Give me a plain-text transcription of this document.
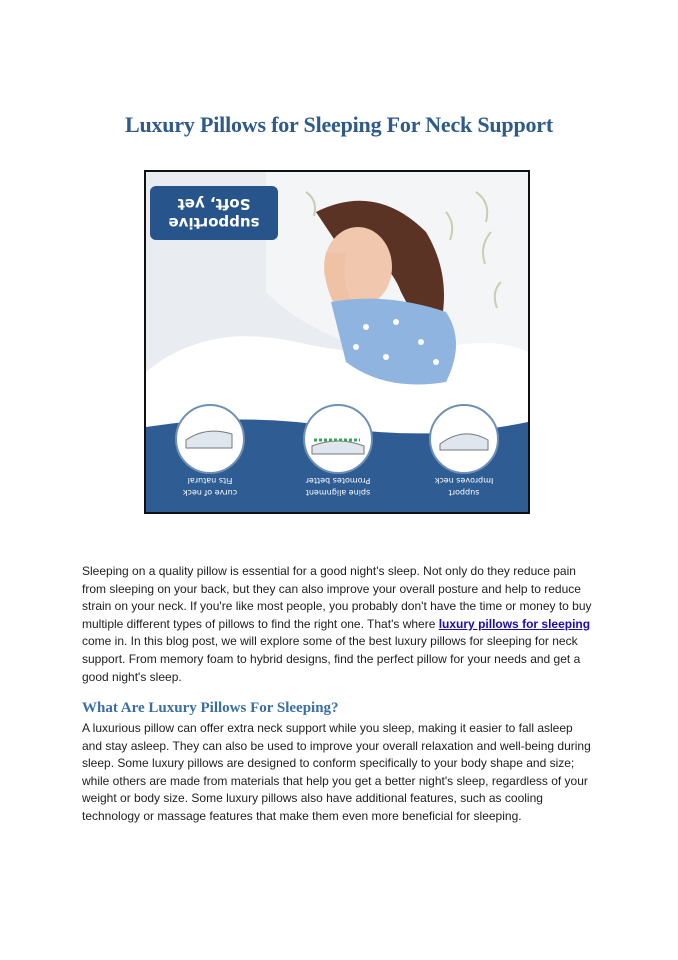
Luxury Pillows for Sleeping For Neck Support
Soft, yet
supportive
Fits natural
curve of neck
Promotes better
spine alignment
Improves neck
support

Sleeping on a quality pillow is essential for a good night's sleep. Not only do they reduce pain from sleeping on your back, but they can also improve your overall posture and help to reduce strain on your neck. If you're like most people, you probably don't have the time or money to buy multiple different types of pillows to find the right one. That's where luxury pillows for sleeping come in. In this blog post, we will explore some of the best luxury pillows for sleeping for neck support. From memory foam to hybrid designs, find the perfect pillow for your needs and get a good night's sleep.

What Are Luxury Pillows For Sleeping?

A luxurious pillow can offer extra neck support while you sleep, making it easier to fall asleep and stay asleep. They can also be used to improve your overall relaxation and well-being during sleep. Some luxury pillows are designed to conform specifically to your body shape and size; while others are made from materials that help you get a better night's sleep, regardless of your weight or body size. Some luxury pillows also have additional features, such as cooling technology or massage features that make them even more beneficial for sleeping.
